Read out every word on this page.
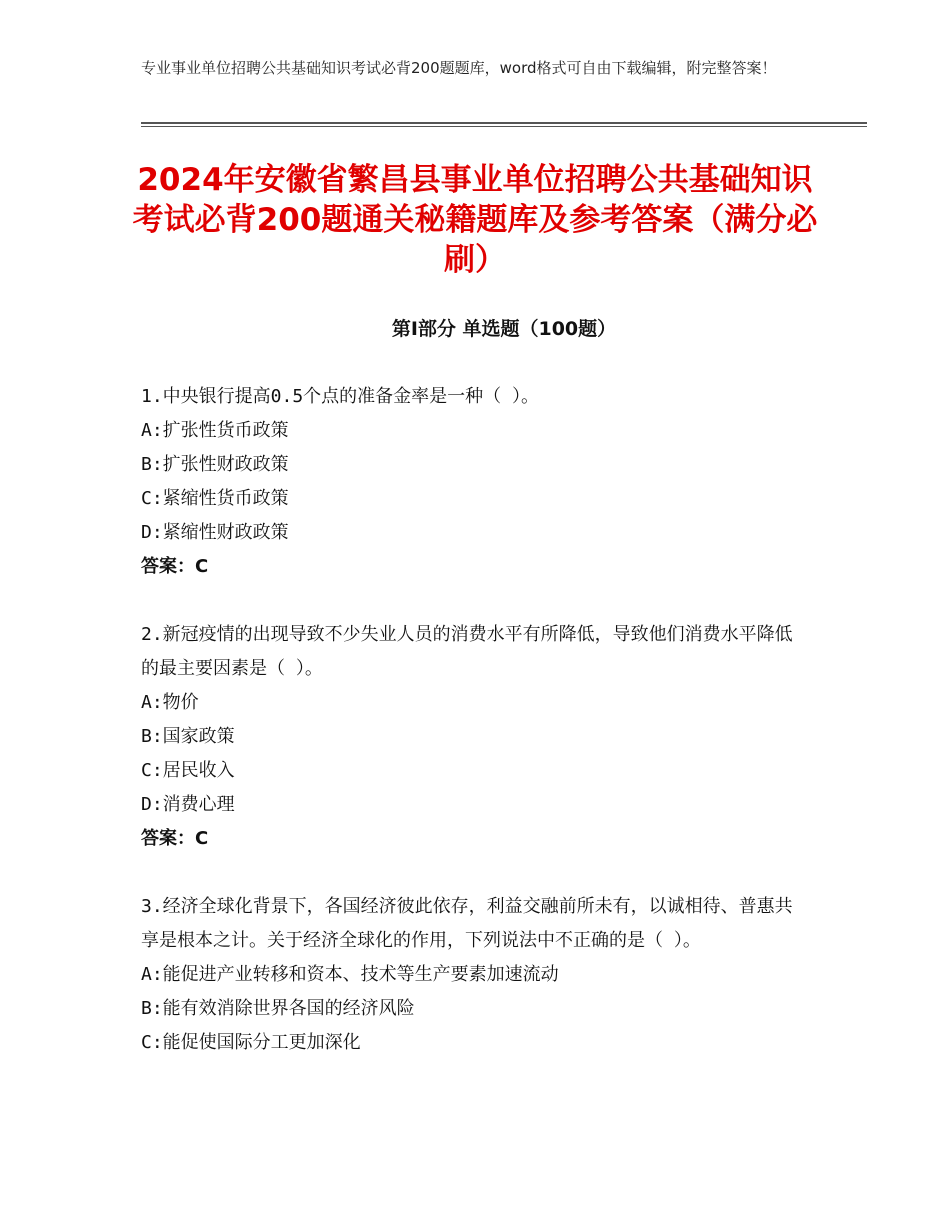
专业事业单位招聘公共基础知识考试必背200题题库，word格式可自由下载编辑，附完整答案！
2024年安徽省繁昌县事业单位招聘公共基础知识考试必背200题通关秘籍题库及参考答案（满分必刷）
第Ⅰ部分 单选题（100题）
1.中央银行提高0.5个点的准备金率是一种（ ）。
A:扩张性货币政策
B:扩张性财政政策
C:紧缩性货币政策
D:紧缩性财政政策
答案：C
2.新冠疫情的出现导致不少失业人员的消费水平有所降低，导致他们消费水平降低的最主要因素是（ ）。
A:物价
B:国家政策
C:居民收入
D:消费心理
答案：C
3.经济全球化背景下，各国经济彼此依存，利益交融前所未有，以诚相待、普惠共享是根本之计。关于经济全球化的作用，下列说法中不正确的是（ ）。
A:能促进产业转移和资本、技术等生产要素加速流动
B:能有效消除世界各国的经济风险
C:能促使国际分工更加深化
